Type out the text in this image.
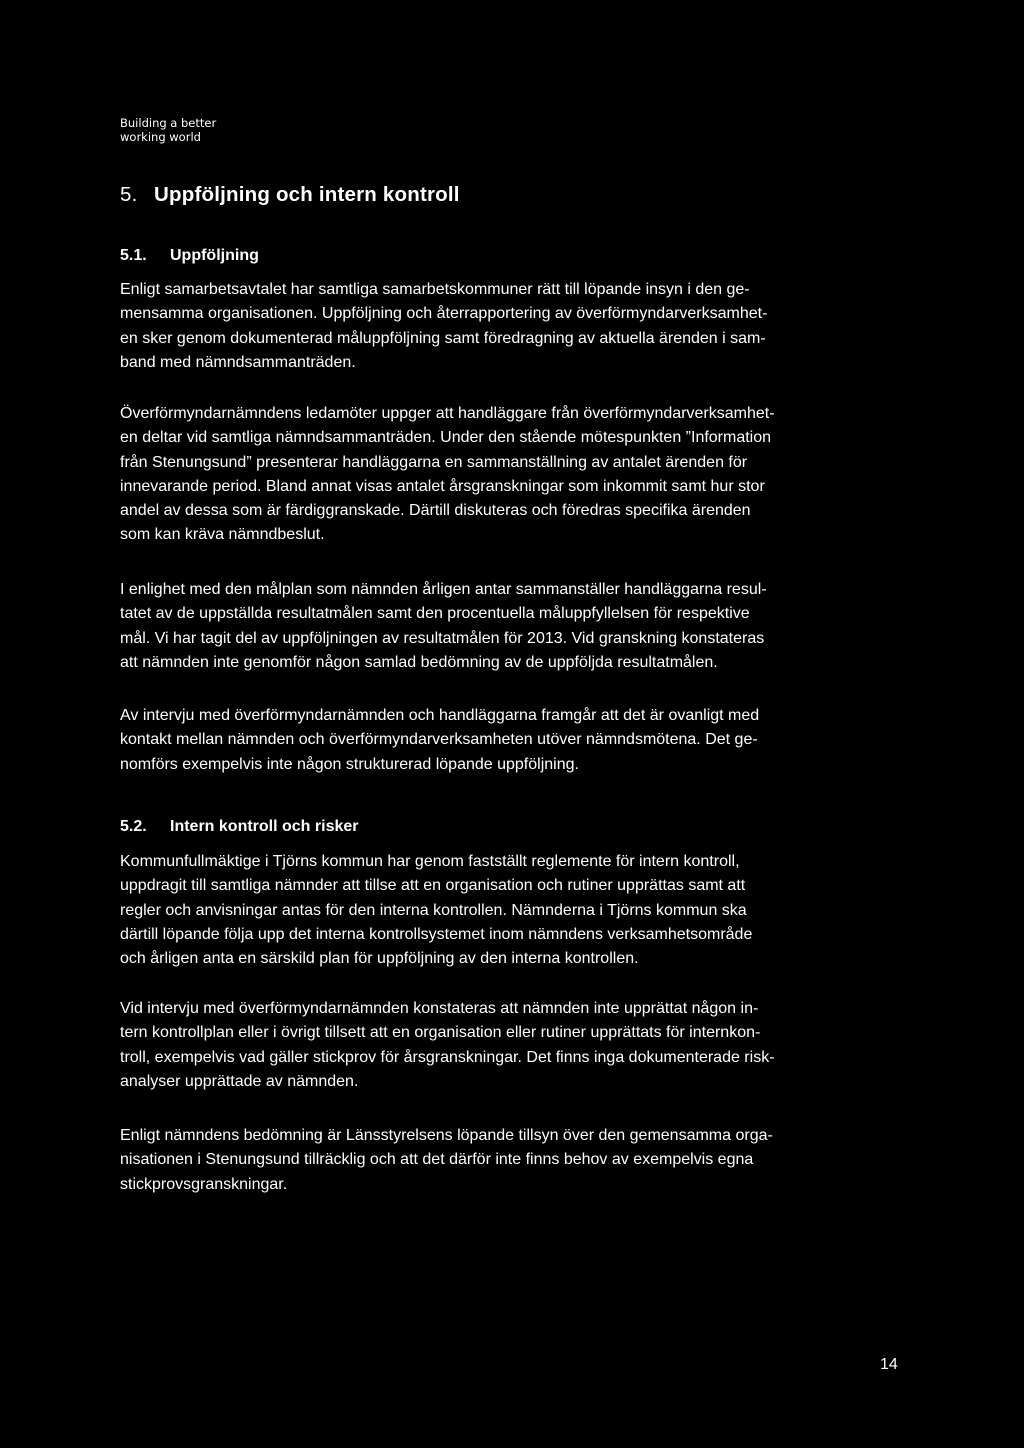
Building a better
working world
5. Uppföljning och intern kontroll
5.1. Uppföljning
Enligt samarbetsavtalet har samtliga samarbetskommuner rätt till löpande insyn i den ge-
mensamma organisationen. Uppföljning och återrapportering av överförmyndarverksamhet-
en sker genom dokumenterad måluppföljning samt föredragning av aktuella ärenden i sam-
band med nämndsammanträden.
Överförmyndarnämndens ledamöter uppger att handläggare från överförmyndarverksamhet-
en deltar vid samtliga nämndsammanträden. Under den stående mötespunkten ”Information
från Stenungsund” presenterar handläggarna en sammanställning av antalet ärenden för
innevarande period. Bland annat visas antalet årsgranskningar som inkommit samt hur stor
andel av dessa som är färdiggranskade. Därtill diskuteras och föredras specifika ärenden
som kan kräva nämndbeslut.
I enlighet med den målplan som nämnden årligen antar sammanställer handläggarna resul-
tatet av de uppställda resultatmålen samt den procentuella måluppfyllelsen för respektive
mål. Vi har tagit del av uppföljningen av resultatmålen för 2013. Vid granskning konstateras
att nämnden inte genomför någon samlad bedömning av de uppföljda resultatmålen.
Av intervju med överförmyndarnämnden och handläggarna framgår att det är ovanligt med
kontakt mellan nämnden och överförmyndarverksamheten utöver nämndsmötena. Det ge-
nomförs exempelvis inte någon strukturerad löpande uppföljning.
5.2. Intern kontroll och risker
Kommunfullmäktige i Tjörns kommun har genom fastställt reglemente för intern kontroll,
uppdragit till samtliga nämnder att tillse att en organisation och rutiner upprättas samt att
regler och anvisningar antas för den interna kontrollen. Nämnderna i Tjörns kommun ska
därtill löpande följa upp det interna kontrollsystemet inom nämndens verksamhetsområde
och årligen anta en särskild plan för uppföljning av den interna kontrollen.
Vid intervju med överförmyndarnämnden konstateras att nämnden inte upprättat någon in-
tern kontrollplan eller i övrigt tillsett att en organisation eller rutiner upprättats för internkon-
troll, exempelvis vad gäller stickprov för årsgranskningar. Det finns inga dokumenterade risk-
analyser upprättade av nämnden.
Enligt nämndens bedömning är Länsstyrelsens löpande tillsyn över den gemensamma orga-
nisationen i Stenungsund tillräcklig och att det därför inte finns behov av exempelvis egna
stickprovsgranskningar.
14
